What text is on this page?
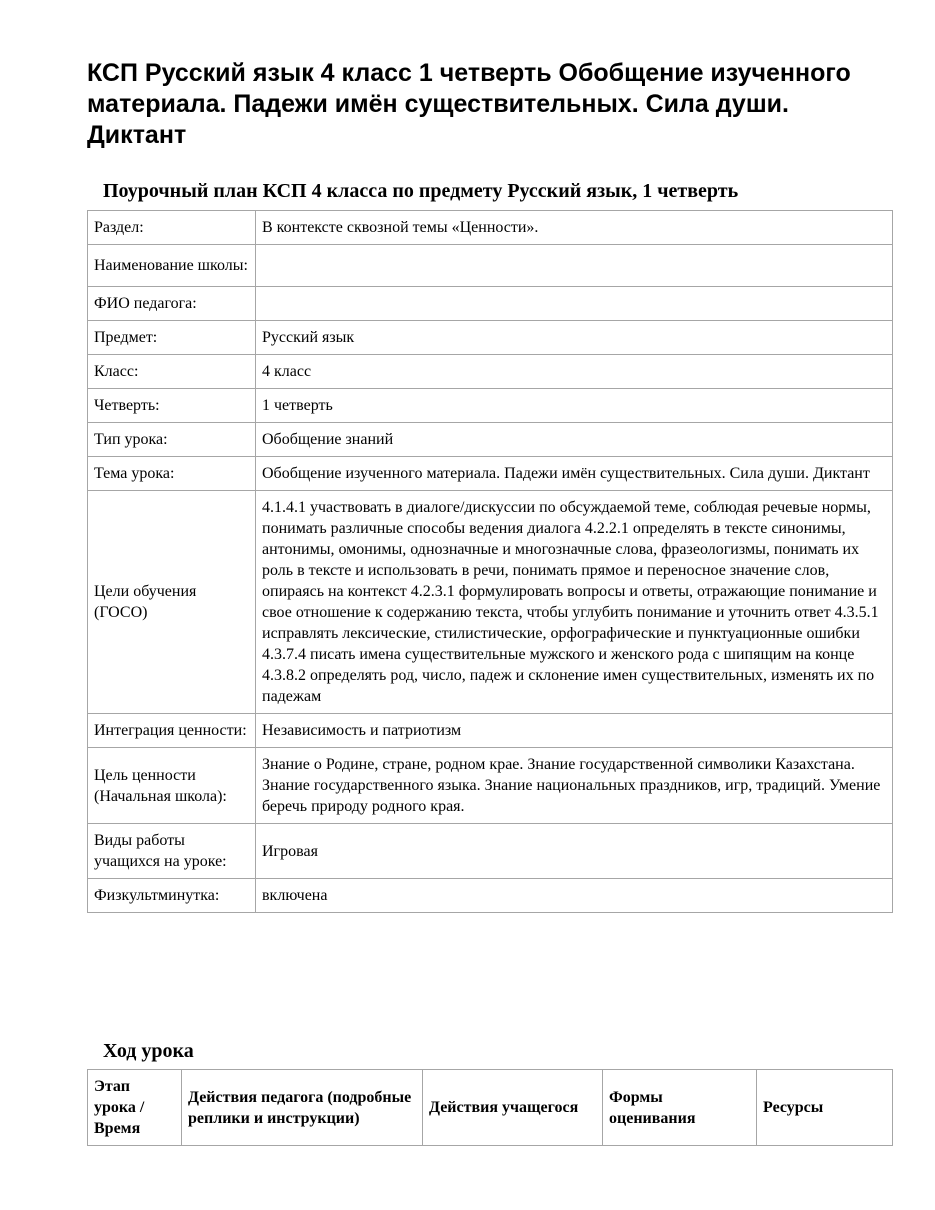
КСП Русский язык 4 класс 1 четверть Обобщение изученного материала. Падежи имён существительных. Сила души. Диктант
Поурочный план КСП 4 класса по предмету Русский язык, 1 четверть
Раздел:	В контексте сквозной темы «Ценности».
Наименование школы:	
ФИО педагога:	
Предмет:	Русский язык
Класс:	4 класс
Четверть:	1 четверть
Тип урока:	Обобщение знаний
Тема урока:	Обобщение изученного материала. Падежи имён существительных. Сила души. Диктант
Цели обучения (ГОСО)	4.1.4.1 участвовать в диалоге/дискуссии по обсуждаемой теме, соблюдая речевые нормы, понимать различные способы ведения диалога 4.2.2.1 определять в тексте синонимы, антонимы, омонимы, однозначные и многозначные слова, фразеологизмы, понимать их роль в тексте и использовать в речи, понимать прямое и переносное значение слов, опираясь на контекст 4.2.3.1 формулировать вопросы и ответы, отражающие понимание и свое отношение к содержанию текста, чтобы углубить понимание и уточнить ответ 4.3.5.1 исправлять лексические, стилистические, орфографические и пунктуационные ошибки 4.3.7.4 писать имена существительные мужского и женского рода с шипящим на конце 4.3.8.2 определять род, число, падеж и склонение имен существительных, изменять их по падежам
Интеграция ценности:	Независимость и патриотизм
Цель ценности (Начальная школа):	Знание о Родине, стране, родном крае. Знание государственной символики Казахстана. Знание государственного языка. Знание национальных праздников, игр, традиций. Умение беречь природу родного края.
Виды работы учащихся на уроке:	Игровая
Физкультминутка:	включена
Ход урока
Этап урока / Время	Действия педагога (подробные реплики и инструкции)	Действия учащегося	Формы оценивания	Ресурсы
